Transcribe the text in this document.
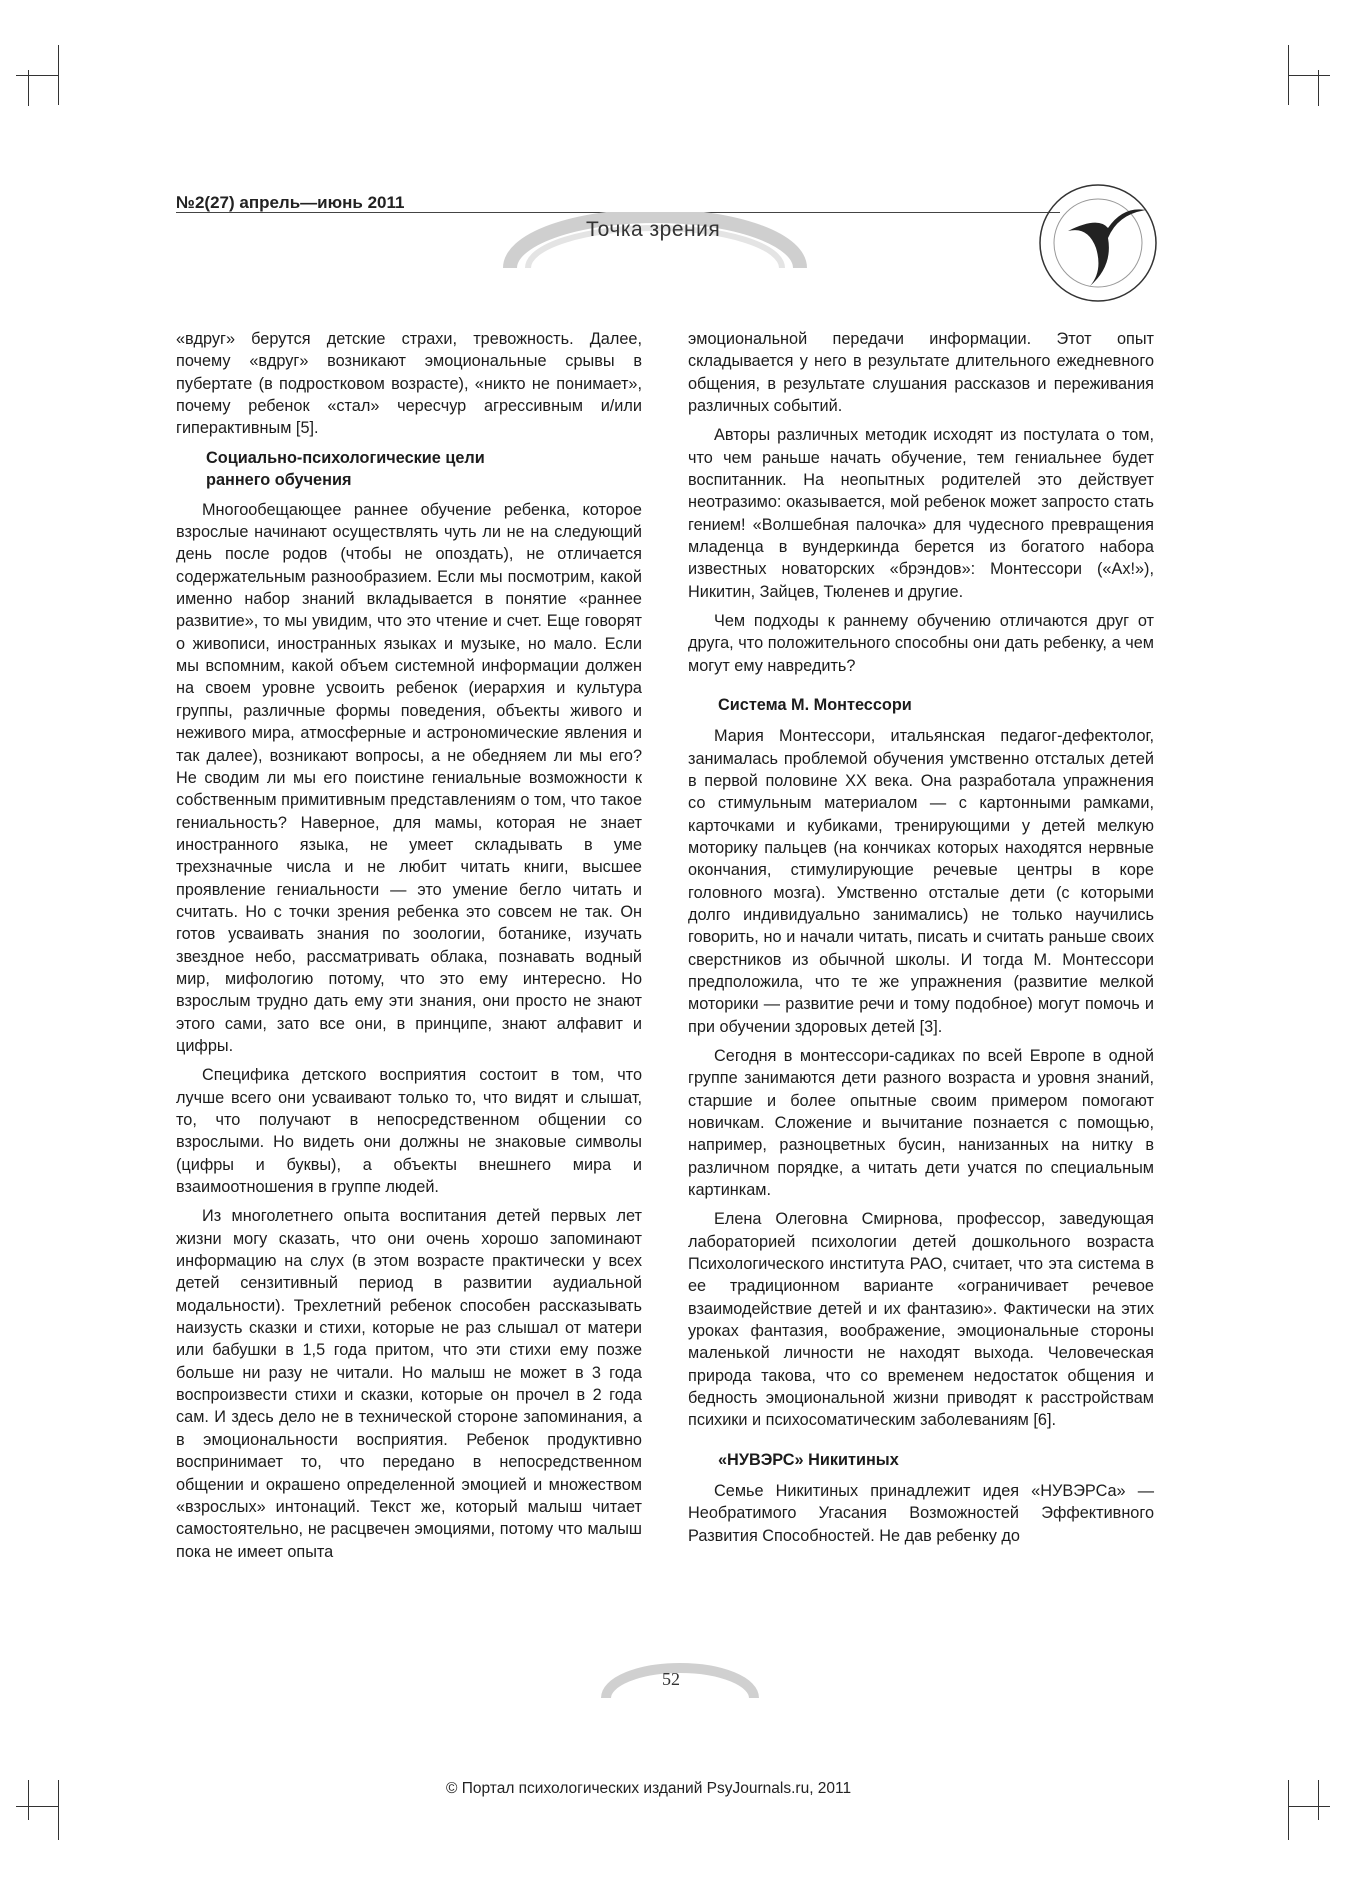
№2(27) апрель—июнь 2011
Точка зрения

«вдруг» берутся детские страхи, тревожность. Далее, почему «вдруг» возникают эмоциональные срывы в пубертате (в подростковом возрасте), «никто не понимает», почему ребенок «стал» чересчур агрессивным и/или гиперактивным [5].

Социально-психологические цели
раннего обучения

Многообещающее раннее обучение ребенка, которое взрослые начинают осуществлять чуть ли не на следующий день после родов (чтобы не опоздать), не отличается содержательным разнообразием. Если мы посмотрим, какой именно набор знаний вкладывается в понятие «раннее развитие», то мы увидим, что это чтение и счет. Еще говорят о живописи, иностранных языках и музыке, но мало. Если мы вспомним, какой объем системной информации должен на своем уровне усвоить ребенок (иерархия и культура группы, различные формы поведения, объекты живого и неживого мира, атмосферные и астрономические явления и так далее), возникают вопросы, а не обедняем ли мы его? Не сводим ли мы его поистине гениальные возможности к собственным примитивным представлениям о том, что такое гениальность? Наверное, для мамы, которая не знает иностранного языка, не умеет складывать в уме трехзначные числа и не любит читать книги, высшее проявление гениальности — это умение бегло читать и считать. Но с точки зрения ребенка это совсем не так. Он готов усваивать знания по зоологии, ботанике, изучать звездное небо, рассматривать облака, познавать водный мир, мифологию потому, что это ему интересно. Но взрослым трудно дать ему эти знания, они просто не знают этого сами, зато все они, в принципе, знают алфавит и цифры.

Специфика детского восприятия состоит в том, что лучше всего они усваивают только то, что видят и слышат, то, что получают в непосредственном общении со взрослыми. Но видеть они должны не знаковые символы (цифры и буквы), а объекты внешнего мира и взаимоотношения в группе людей.

Из многолетнего опыта воспитания детей первых лет жизни могу сказать, что они очень хорошо запоминают информацию на слух (в этом возрасте практически у всех детей сензитивный период в развитии аудиальной модальности). Трехлетний ребенок способен рассказывать наизусть сказки и стихи, которые не раз слышал от матери или бабушки в 1,5 года притом, что эти стихи ему позже больше ни разу не читали. Но малыш не может в 3 года воспроизвести стихи и сказки, которые он прочел в 2 года сам. И здесь дело не в технической стороне запоминания, а в эмоциональности восприятия. Ребенок продуктивно воспринимает то, что передано в непосредственном общении и окрашено определенной эмоцией и множеством «взрослых» интонаций. Текст же, который малыш читает самостоятельно, не расцвечен эмоциями, потому что малыш пока не имеет опыта

эмоциональной передачи информации. Этот опыт складывается у него в результате длительного ежедневного общения, в результате слушания рассказов и переживания различных событий.

Авторы различных методик исходят из постулата о том, что чем раньше начать обучение, тем гениальнее будет воспитанник. На неопытных родителей это действует неотразимо: оказывается, мой ребенок может запросто стать гением! «Волшебная палочка» для чудесного превращения младенца в вундеркинда берется из богатого набора известных новаторских «брэндов»: Монтессори («Ах!»), Никитин, Зайцев, Тюленев и другие.

Чем подходы к раннему обучению отличаются друг от друга, что положительного способны они дать ребенку, а чем могут ему навредить?

Система М. Монтессори

Мария Монтессори, итальянская педагог-дефектолог, занималась проблемой обучения умственно отсталых детей в первой половине XX века. Она разработала упражнения со стимульным материалом — с картонными рамками, карточками и кубиками, тренирующими у детей мелкую моторику пальцев (на кончиках которых находятся нервные окончания, стимулирующие речевые центры в коре головного мозга). Умственно отсталые дети (с которыми долго индивидуально занимались) не только научились говорить, но и начали читать, писать и считать раньше своих сверстников из обычной школы. И тогда М. Монтессори предположила, что те же упражнения (развитие мелкой моторики — развитие речи и тому подобное) могут помочь и при обучении здоровых детей [3].

Сегодня в монтессори-садиках по всей Европе в одной группе занимаются дети разного возраста и уровня знаний, старшие и более опытные своим примером помогают новичкам. Сложение и вычитание познается с помощью, например, разноцветных бусин, нанизанных на нитку в различном порядке, а читать дети учатся по специальным картинкам.

Елена Олеговна Смирнова, профессор, заведующая лабораторией психологии детей дошкольного возраста Психологического института РАО, считает, что эта система в ее традиционном варианте «ограничивает речевое взаимодействие детей и их фантазию». Фактически на этих уроках фантазия, воображение, эмоциональные стороны маленькой личности не находят выхода. Человеческая природа такова, что со временем недостаток общения и бедность эмоциональной жизни приводят к расстройствам психики и психосоматическим заболеваниям [6].

«НУВЭРС» Никитиных

Семье Никитиных принадлежит идея «НУВЭРСа» — Необратимого Угасания Возможностей Эффективного Развития Способностей. Не дав ребенку до

52
© Портал психологических изданий PsyJournals.ru, 2011
